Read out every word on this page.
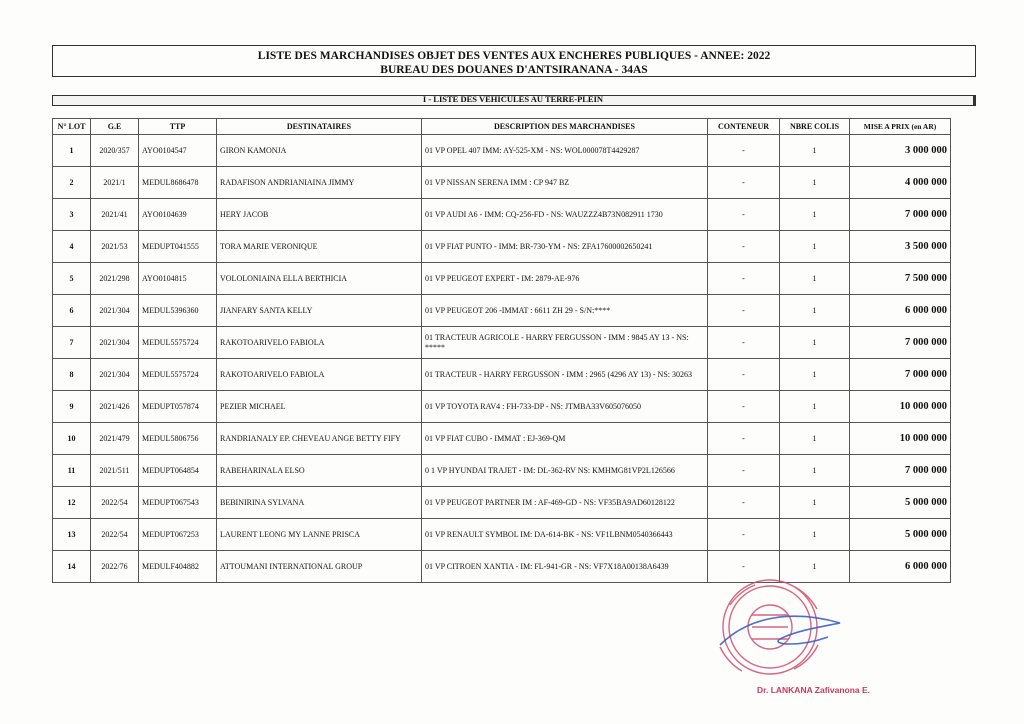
LISTE DES MARCHANDISES OBJET DES VENTES AUX ENCHERES PUBLIQUES - ANNEE: 2022
BUREAU DES DOUANES D'ANTSIRANANA - 34AS
I - LISTE DES VEHICULES AU TERRE-PLEIN
N° LOT	G.E	TTP	DESTINATAIRES	DESCRIPTION DES MARCHANDISES	CONTENEUR	NBRE COLIS	MISE A PRIX (en AR)
1	2020/357	AYO0104547	GIRON KAMONJA	01 VP OPEL 407 IMM: AY-525-XM - NS: WOL000078T4429287	-	1	3 000 000
2	2021/1	MEDUL8686478	RADAFISON ANDRIANIAINA JIMMY	01 VP NISSAN SERENA IMM : CP 947 BZ	-	1	4 000 000
3	2021/41	AYO0104639	HERY JACOB	01 VP AUDI A6 - IMM: CQ-256-FD - NS: WAUZZZ4B73N082911 1730	-	1	7 000 000
4	2021/53	MEDUPT041555	TORA MARIE VERONIQUE	01 VP FIAT PUNTO - IMM: BR-730-YM - NS: ZFA17600002650241	-	1	3 500 000
5	2021/298	AYO0104815	VOLOLONIAINA ELLA BERTHICIA	01 VP PEUGEOT EXPERT - IM: 2879-AE-976	-	1	7 500 000
6	2021/304	MEDUL5396360	JIANFARY SANTA KELLY	01 VP PEUGEOT 206 -IMMAT : 6611 ZH 29 - S/N:****	-	1	6 000 000
7	2021/304	MEDUL5575724	RAKOTOARIVELO FABIOLA	01 TRACTEUR AGRICOLE - HARRY FERGUSSON - IMM : 9845 AY 13 - NS: *****	-	1	7 000 000
8	2021/304	MEDUL5575724	RAKOTOARIVELO FABIOLA	01 TRACTEUR - HARRY FERGUSSON - IMM : 2965 (4296 AY 13) - NS: 30263	-	1	7 000 000
9	2021/426	MEDUPT057874	PEZIER MICHAEL	01 VP TOYOTA RAV4 : FH-733-DP - NS: JTMBA33V605076050	-	1	10 000 000
10	2021/479	MEDUL5806756	RANDRIANALY EP. CHEVEAU ANGE BETTY FIFY	01 VP FIAT CUBO - IMMAT : EJ-369-QM	-	1	10 000 000
11	2021/511	MEDUPT064854	RABEHARINALA ELSO	0 1 VP HYUNDAI TRAJET - IM: DL-362-RV NS: KMHMG81VP2L126566	-	1	7 000 000
12	2022/54	MEDUPT067543	BEBINIRINA SYLVANA	01 VP PEUGEOT PARTNER IM : AF-469-GD - NS: VF35BA9AD60128122	-	1	5 000 000
13	2022/54	MEDUPT067253	LAURENT LEONG MY LANNE PRISCA	01 VP RENAULT SYMBOL IM: DA-614-BK - NS: VF1LBNM0540366443	-	1	5 000 000
14	2022/76	MEDULF404882	ATTOUMANI INTERNATIONAL GROUP	01 VP CITROEN XANTIA - IM: FL-941-GR - NS: VF7X18A00138A6439	-	1	6 000 000
Dr. LANKANA Zafivanona E.
